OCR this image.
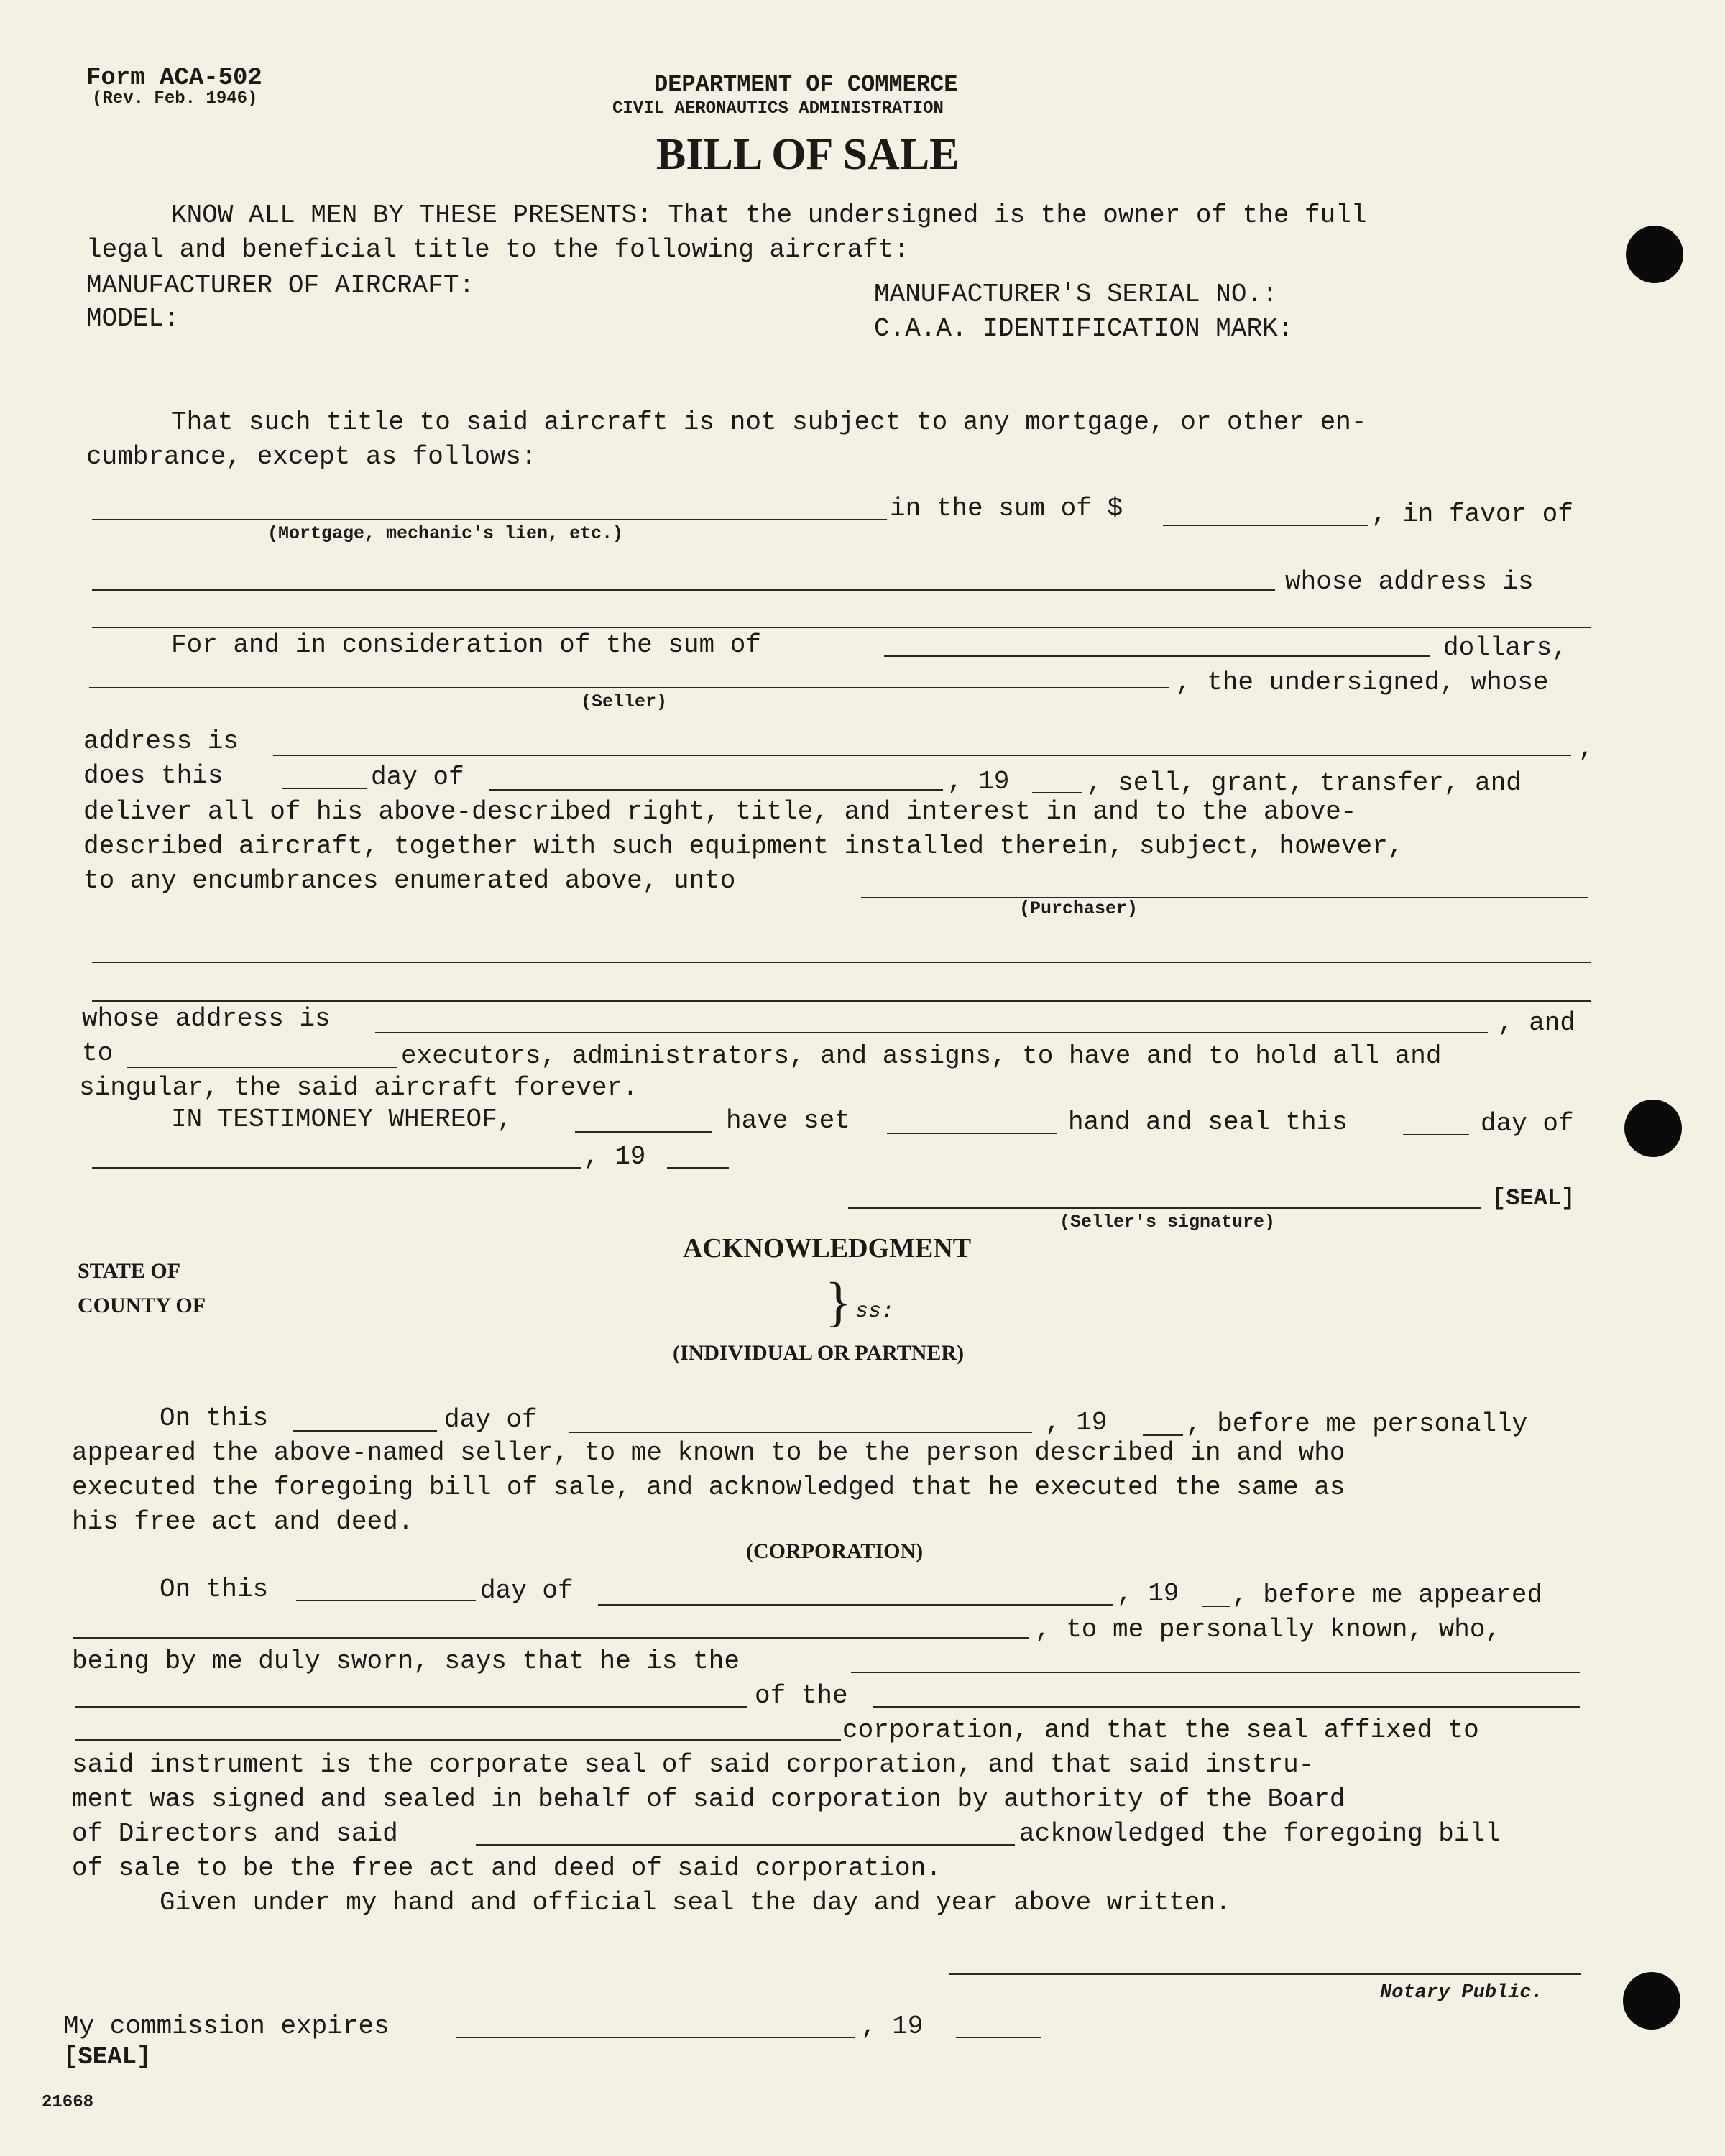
Form ACA-502
(Rev. Feb. 1946)
DEPARTMENT OF COMMERCE
CIVIL AERONAUTICS ADMINISTRATION
BILL OF SALE
KNOW ALL MEN BY THESE PRESENTS: That the undersigned is the owner of the full
legal and beneficial title to the following aircraft:
MANUFACTURER OF AIRCRAFT:
MODEL:
MANUFACTURER'S SERIAL NO.:
C.A.A. IDENTIFICATION MARK:
That such title to said aircraft is not subject to any mortgage, or other en-
cumbrance, except as follows:
in the sum of $	, in favor of
(Mortgage, mechanic's lien, etc.)
whose address is
For and in consideration of the sum of	dollars,
, the undersigned, whose
(Seller)
address is	,
does this	day of	, 19	, sell, grant, transfer, and
deliver all of his above-described right, title, and interest in and to the above-
described aircraft, together with such equipment installed therein, subject, however,
to any encumbrances enumerated above, unto
(Purchaser)
whose address is	, and
to	executors, administrators, and assigns, to have and to hold all and
singular, the said aircraft forever.
IN TESTIMONEY WHEREOF,	have set	hand and seal this	day of
, 19
[SEAL]
(Seller's signature)
ACKNOWLEDGMENT
STATE OF
COUNTY OF	} ss:
(INDIVIDUAL OR PARTNER)
On this	day of	, 19	, before me personally
appeared the above-named seller, to me known to be the person described in and who
executed the foregoing bill of sale, and acknowledged that he executed the same as
his free act and deed.
(CORPORATION)
On this	day of	, 19 , before me appeared
, to me personally known, who,
being by me duly sworn, says that he is the
of the
corporation, and that the seal affixed to
said instrument is the corporate seal of said corporation, and that said instru-
ment was signed and sealed in behalf of said corporation by authority of the Board
of Directors and said	acknowledged the foregoing bill
of sale to be the free act and deed of said corporation.
Given under my hand and official seal the day and year above written.
Notary Public.
My commission expires	, 19
[SEAL]
21668
